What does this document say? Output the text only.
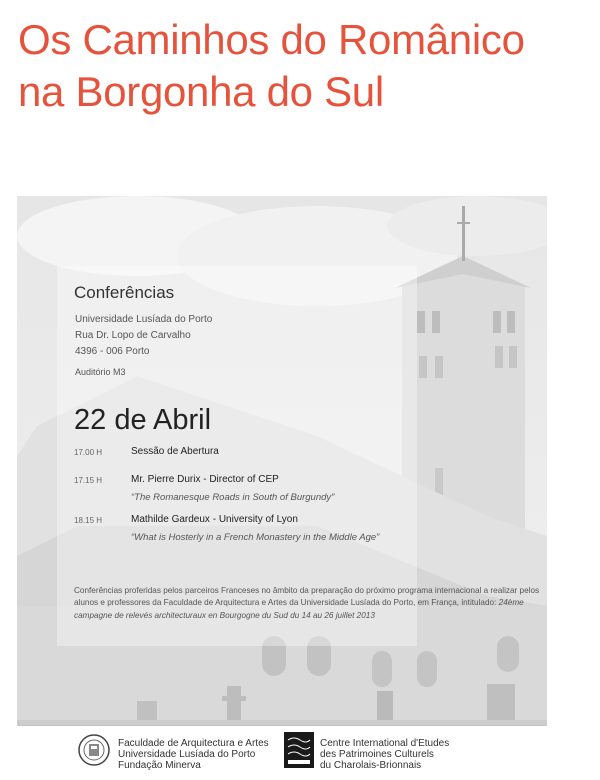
Os Caminhos do Românico
na Borgonha do Sul
Conferências
Universidade Lusíada do Porto
Rua Dr. Lopo de Carvalho
4396 - 006 Porto
Auditório M3
22 de Abril
17.00 H	Sessão de Abertura
17.15 H	Mr. Pierre Durix - Director of CEP
“The Romanesque Roads in South of Burgundy”
18.15 H	Mathilde Gardeux - University of Lyon
“What is Hosterly in a French Monastery in the Middle Age”
Conferências proferidas pelos parceiros Franceses no âmbito da preparação do próximo programa internacional a realizar pelos alunos e professores da Faculdade de Arquitectura e Artes da Universidade Lusíada do Porto, em França, intitulado: 24ème campagne de relevés architecturaux en Bourgogne du Sud du 14 au 26 juillet 2013
Faculdade de Arquitectura e Artes
Universidade Lusíada do Porto
Fundação Minerva
Centre International d'Etudes
des Patrimoines Culturels
du Charolais-Brionnais
